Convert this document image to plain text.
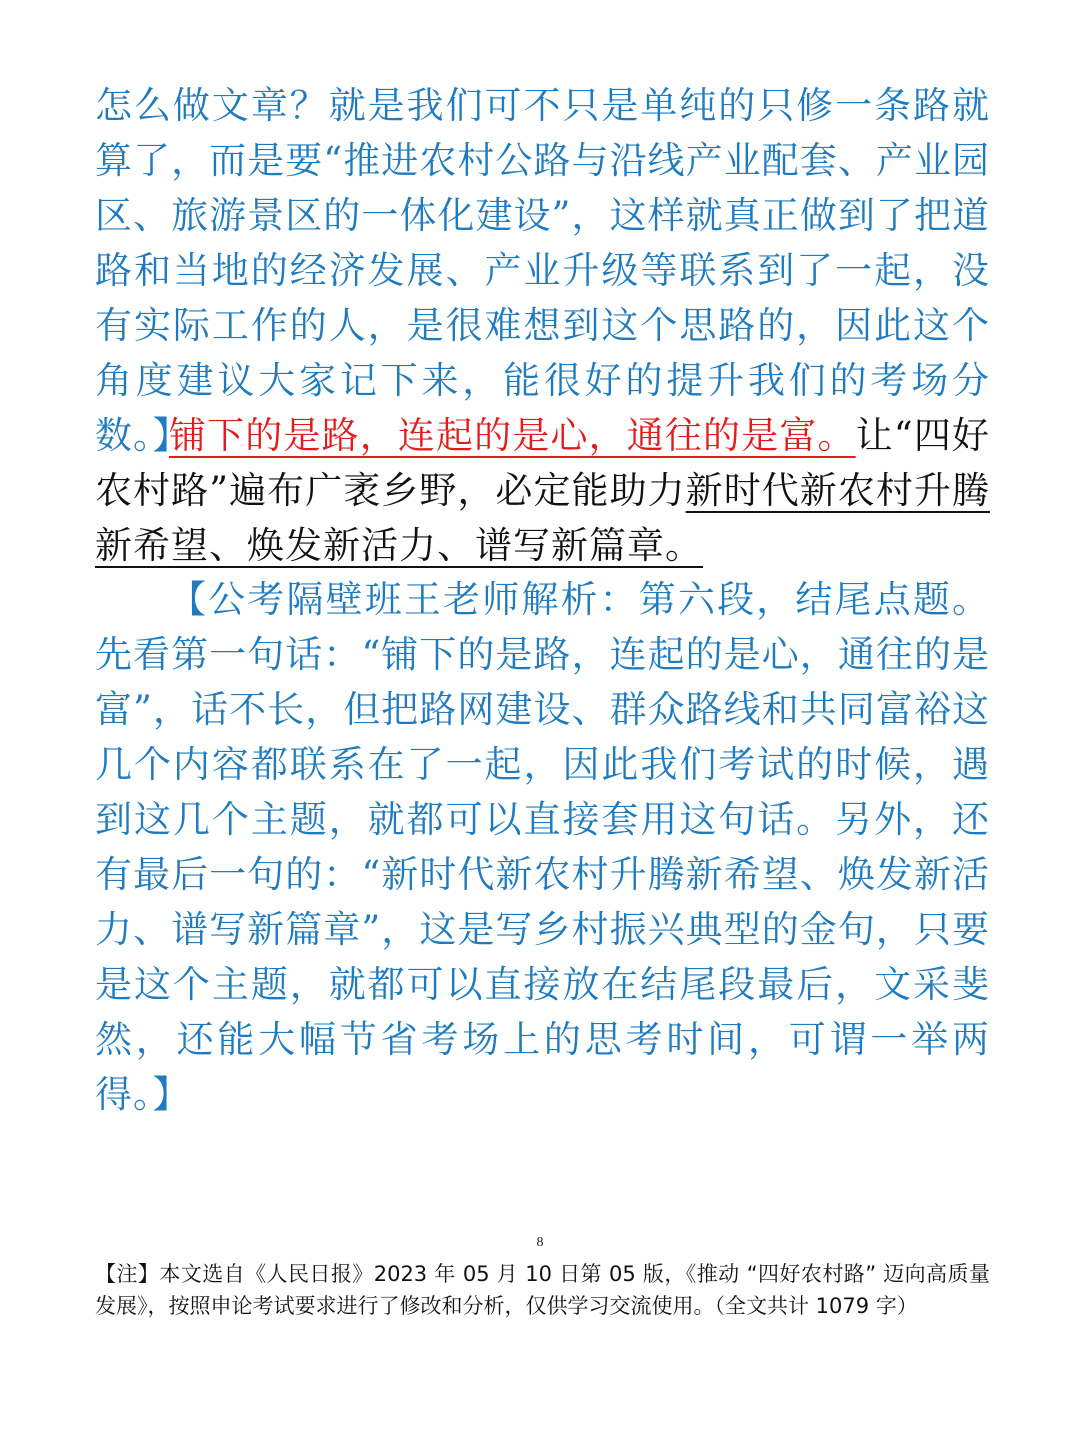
怎么做文章？就是我们可不只是单纯的只修一条路就算了，而是要“推进农村公路与沿线产业配套、产业园区、旅游景区的一体化建设”，这样就真正做到了把道路和当地的经济发展、产业升级等联系到了一起，没有实际工作的人，是很难想到这个思路的，因此这个角度建议大家记下来，能很好的提升我们的考场分数。】
铺下的是路，连起的是心，通往的是富。让“四好农村路”遍布广袤乡野，必定能助力新时代新农村升腾新希望、焕发新活力、谱写新篇章。
【公考隔壁班王老师解析：第六段，结尾点题。先看第一句话：“铺下的是路，连起的是心，通往的是富”，话不长，但把路网建设、群众路线和共同富裕这几个内容都联系在了一起，因此我们考试的时候，遇到这几个主题，就都可以直接套用这句话。另外，还有最后一句的：“新时代新农村升腾新希望、焕发新活力、谱写新篇章”，这是写乡村振兴典型的金句，只要是这个主题，就都可以直接放在结尾段最后，文采斐然，还能大幅节省考场上的思考时间，可谓一举两得。】
8
【注】本文选自《人民日报》2023 年 05 月 10 日第 05 版，《推动 “四好农村路” 迈向高质量发展》，按照申论考试要求进行了修改和分析，仅供学习交流使用。（全文共计 1079 字）
